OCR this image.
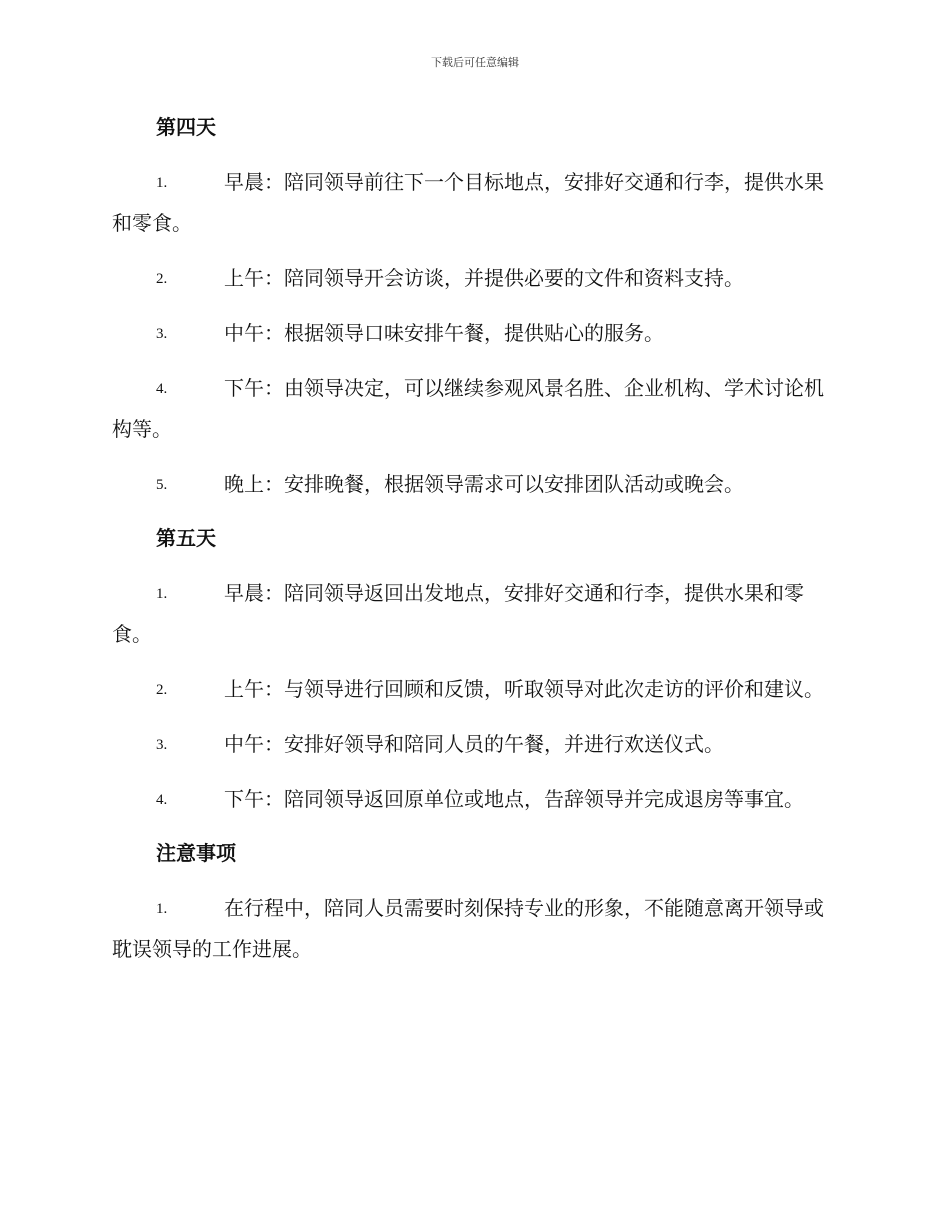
下载后可任意编辑
第四天
1.	早晨：陪同领导前往下一个目标地点，安排好交通和行李，提供水果和零食。
2.	上午：陪同领导开会访谈，并提供必要的文件和资料支持。
3.	中午：根据领导口味安排午餐，提供贴心的服务。
4.	下午：由领导决定，可以继续参观风景名胜、企业机构、学术讨论机构等。
5.	晚上：安排晚餐，根据领导需求可以安排团队活动或晚会。
第五天
1.	早晨：陪同领导返回出发地点，安排好交通和行李，提供水果和零食。
2.	上午：与领导进行回顾和反馈，听取领导对此次走访的评价和建议。
3.	中午：安排好领导和陪同人员的午餐，并进行欢送仪式。
4.	下午：陪同领导返回原单位或地点，告辞领导并完成退房等事宜。
注意事项
1.	在行程中，陪同人员需要时刻保持专业的形象，不能随意离开领导或耽误领导的工作进展。
